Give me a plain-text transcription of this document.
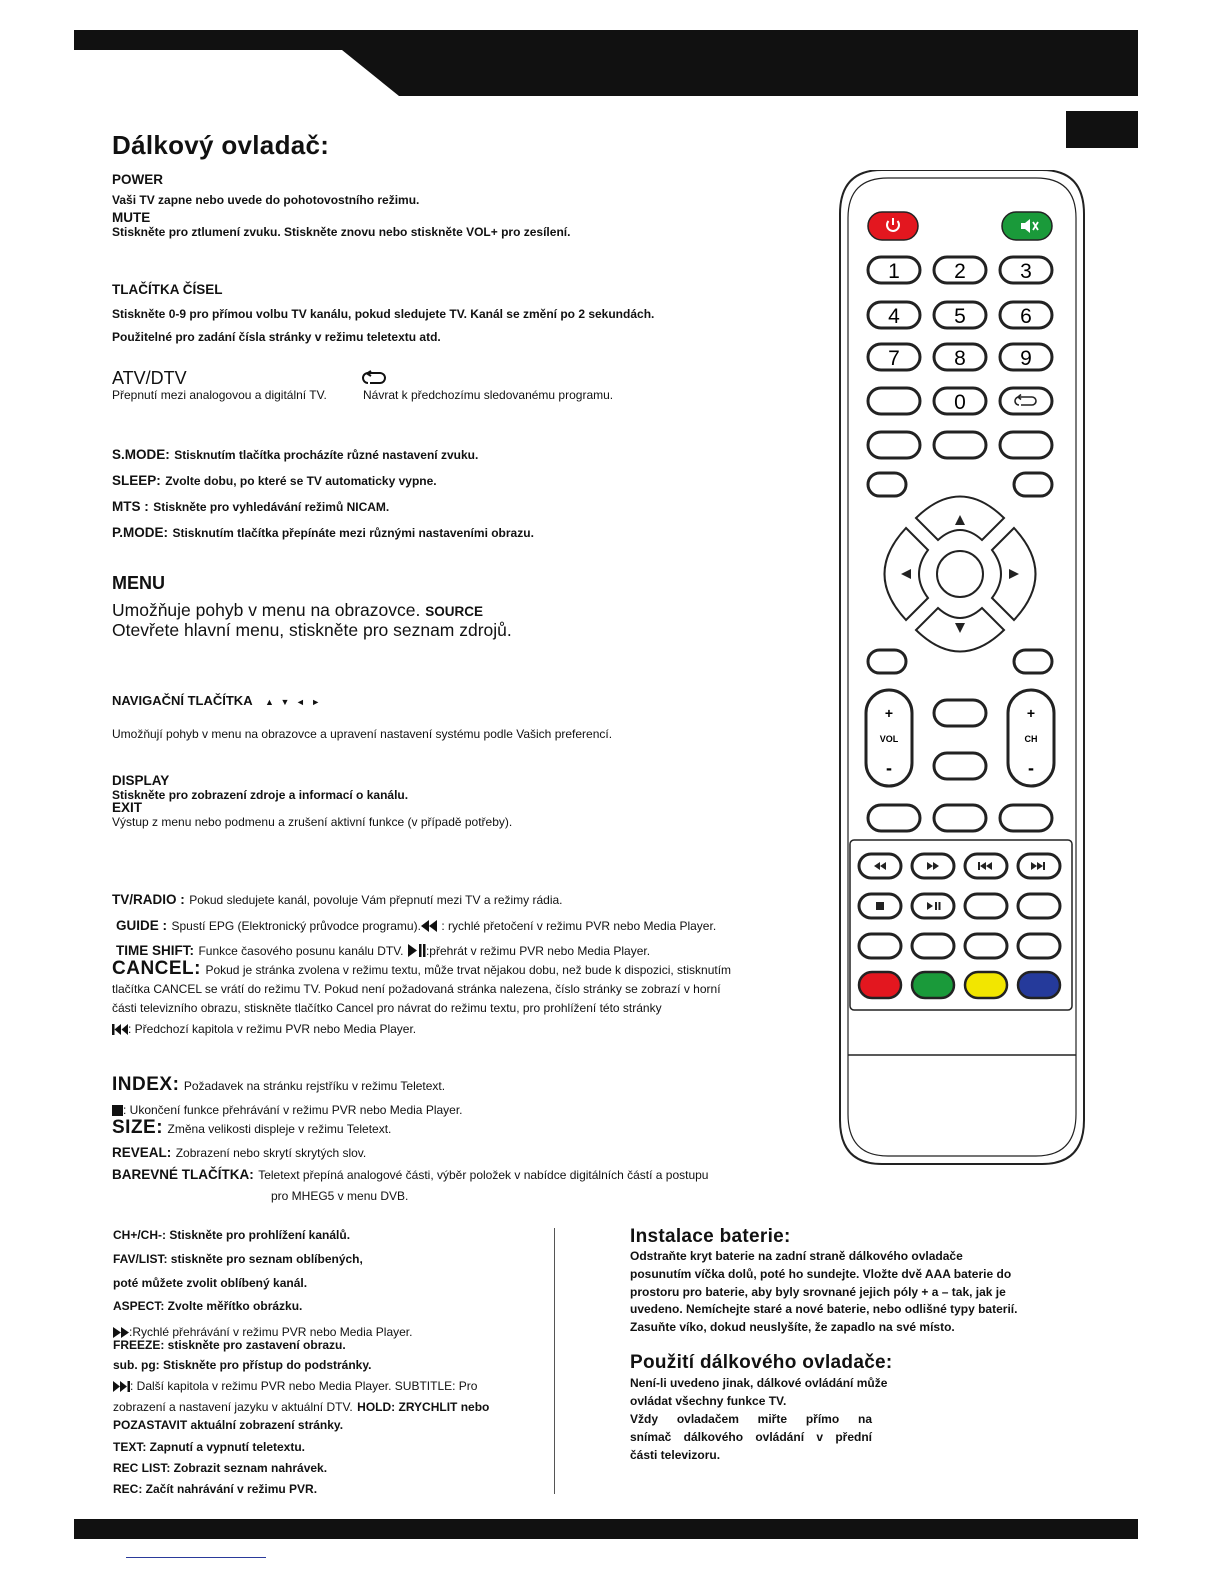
Dálkový ovladač:
POWER
Vaši TV zapne nebo uvede do pohotovostního režimu.
MUTE
Stiskněte pro ztlumení zvuku. Stiskněte znovu nebo stiskněte VOL+ pro zesílení.
TLAČÍTKA ČÍSEL
Stiskněte 0-9 pro přímou volbu TV kanálu, pokud sledujete TV. Kanál se změní po 2 sekundách.
Použitelné pro zadání čísla stránky v režimu teletextu atd.
ATV/DTV
Přepnutí mezi analogovou a digitální TV.	Návrat k předchozímu sledovanému programu.
S.MODE: Stisknutím tlačítka procházíte různé nastavení zvuku.
SLEEP: Zvolte dobu, po které se TV automaticky vypne.
MTS : Stiskněte pro vyhledávání režimů NICAM.
P.MODE: Stisknutím tlačítka přepínáte mezi různými nastaveními obrazu.
MENU
Umožňuje pohyb v menu na obrazovce. SOURCE
Otevřete hlavní menu, stiskněte pro seznam zdrojů.
NAVIGAČNÍ TLAČÍTKA ▲ ▼ ◄ ►
Umožňují pohyb v menu na obrazovce a upravení nastavení systému podle Vašich preferencí.
DISPLAY
Stiskněte pro zobrazení zdroje a informací o kanálu.
EXIT
Výstup z menu nebo podmenu a zrušení aktivní funkce (v případě potřeby).
TV/RADIO : Pokud sledujete kanál, povoluje Vám přepnutí mezi TV a režimy rádia.
GUIDE : Spustí EPG (Elektronický průvodce programu). : rychlé přetočení v režimu PVR nebo Media Player.
TIME SHIFT: Funkce časového posunu kanálu DTV. :přehrát v režimu PVR nebo Media Player.
CANCEL: Pokud je stránka zvolena v režimu textu, může trvat nějakou dobu, než bude k dispozici, stisknutím
tlačítka CANCEL se vrátí do režimu TV. Pokud není požadovaná stránka nalezena, číslo stránky se zobrazí v horní
části televizního obrazu, stiskněte tlačítko Cancel pro návrat do režimu textu, pro prohlížení této stránky
: Předchozí kapitola v režimu PVR nebo Media Player.
INDEX: Požadavek na stránku rejstříku v režimu Teletext.
: Ukončení funkce přehrávání v režimu PVR nebo Media Player.
SIZE: Změna velikosti displeje v režimu Teletext.
REVEAL: Zobrazení nebo skrytí skrytých slov.
BAREVNÉ TLAČÍTKA: Teletext přepíná analogové části, výběr položek v nabídce digitálních částí a postupu
pro MHEG5 v menu DVB.
CH+/CH-: Stiskněte pro prohlížení kanálů.
FAV/LIST: stiskněte pro seznam oblíbených,
poté můžete zvolit oblíbený kanál.
ASPECT: Zvolte měřítko obrázku.
:Rychlé přehrávání v režimu PVR nebo Media Player.
FREEZE: stiskněte pro zastavení obrazu.
sub. pg: Stiskněte pro přístup do podstránky.
: Další kapitola v režimu PVR nebo Media Player. SUBTITLE: Pro
zobrazení a nastavení jazyku v aktuální DTV. HOLD: ZRYCHLIT nebo
POZASTAVIT aktuální zobrazení stránky.
TEXT: Zapnutí a vypnutí teletextu.
REC LIST: Zobrazit seznam nahrávek.
REC: Začít nahrávání v režimu PVR.
Instalace baterie:
Odstraňte kryt baterie na zadní straně dálkového ovladače
posunutím víčka dolů, poté ho sundejte. Vložte dvě AAA baterie do
prostoru pro baterie, aby byly srovnané jejich póly + a – tak, jak je
uvedeno. Nemíchejte staré a nové baterie, nebo odlišné typy baterií.
Zasuňte víko, dokud neuslyšíte, že zapadlo na své místo.
Použití dálkového ovladače:
Není-li uvedeno jinak, dálkové ovládání může
ovládat všechny funkce TV.
Vždy ovladačem miřte přímo na
snímač dálkového ovládání v přední
části televizoru.
1	2	3
4	5	6
7	8	9
0
+
VOL
-
+
CH
-
